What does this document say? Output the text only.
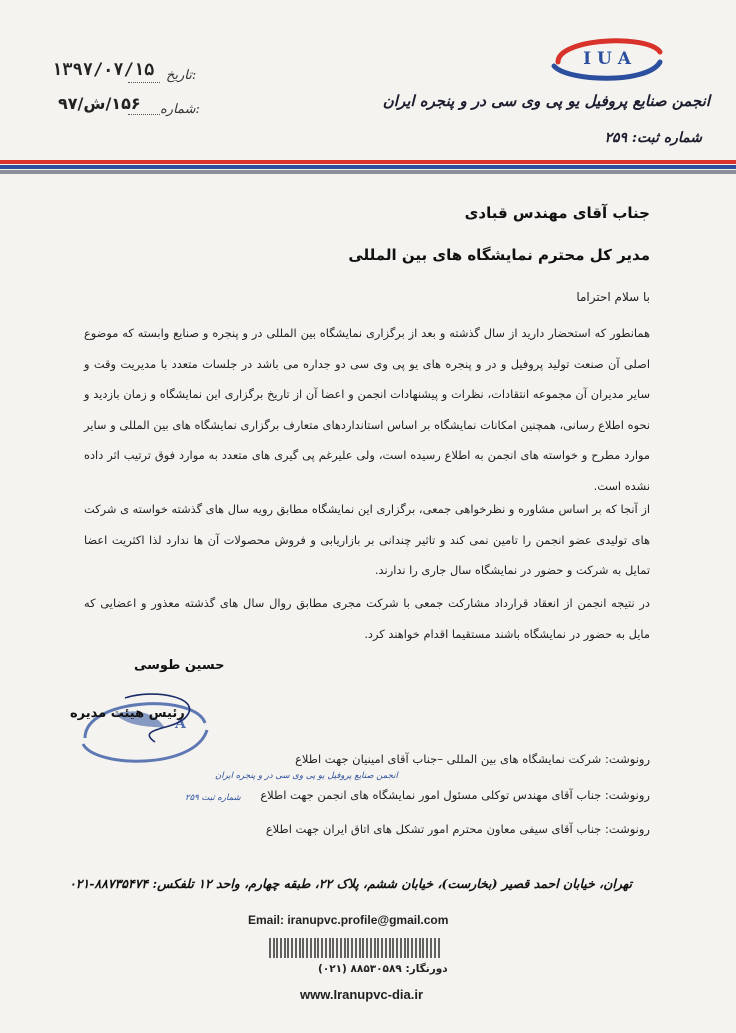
I U A
انجمن صنایع پروفیل یو پی وی سی در و پنجره ایران
شماره ثبت: ۲۵۹
۱۳۹۷/۰۷/۱۵ تاریخ:
۱۵۶/ش/۹۷ شماره:
جناب آقای مهندس قبادی
مدیر کل محترم نمایشگاه های بین المللی
با سلام احتراما
همانطور که استحضار دارید از سال گذشته و بعد از برگزاری نمایشگاه بین المللی در و پنجره و صنایع وابسته که موضوع اصلی آن صنعت تولید پروفیل و در و پنجره های یو پی وی سی دو جداره می باشد در جلسات متعدد با مدیریت وقت و سایر مدیران آن مجموعه انتقادات، نظرات و پیشنهادات انجمن و اعضا آن از تاریخ برگزاری این نمایشگاه و زمان بازدید و نحوه اطلاع رسانی، همچنین امکانات نمایشگاه بر اساس استانداردهای متعارف برگزاری نمایشگاه های بین المللی و سایر موارد مطرح و خواسته های انجمن به اطلاع رسیده است، ولی علیرغم پی گیری های متعدد به موارد فوق ترتیب اثر داده نشده است.
از آنجا که بر اساس مشاوره و نظرخواهی جمعی، برگزاری این نمایشگاه مطابق رویه سال های گذشته خواسته ی شرکت های تولیدی عضو انجمن را تامین نمی کند و تاثیر چندانی بر بازاریابی و فروش محصولات آن ها ندارد لذا اکثریت اعضا تمایل به شرکت و حضور در نمایشگاه سال جاری را ندارند.
در نتیجه انجمن از انعقاد قرارداد مشارکت جمعی با شرکت مجری مطابق روال سال های گذشته معذور و اعضایی که مایل به حضور در نمایشگاه باشند مستقیما اقدام خواهند کرد.
A
انجمن صنایع پروفیل یو پی وی سی در و پنجره ایران
شماره ثبت ۲۵۹
حسین طوسی
رئیس هیئت مدیره
رونوشت: شرکت نمایشگاه های بین المللی –جناب آقای امینیان جهت اطلاع
رونوشت: جناب آقای مهندس توکلی مسئول امور نمایشگاه های انجمن جهت اطلاع
رونوشت: جناب آقای سیفی معاون محترم امور تشکل های اتاق ایران جهت اطلاع
تهران، خیابان احمد قصیر (بخارست)، خیابان ششم، پلاک ۲۲، طبقه چهارم، واحد ۱۲ تلفکس: ۸۸۷۳۵۴۷۴-۰۲۱
Email: iranupvc.profile@gmail.com
دورنگار: ۸۸۵۳۰۵۸۹ (۰۲۱)
www.Iranupvc-dia.ir
